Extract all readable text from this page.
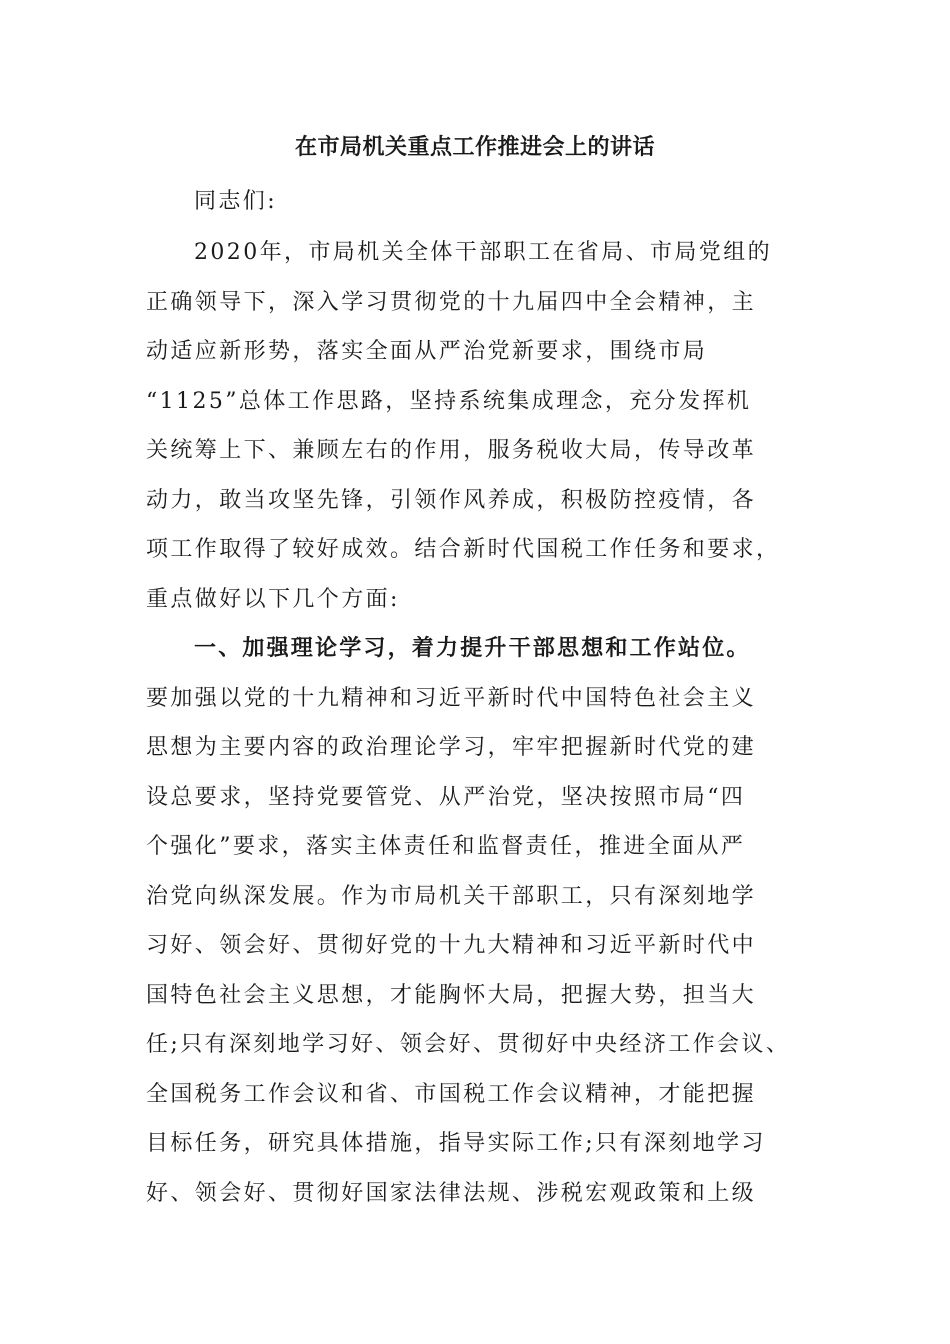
在市局机关重点工作推进会上的讲话
同志们:
2020年，市局机关全体干部职工在省局、市局党组的
正确领导下，深入学习贯彻党的十九届四中全会精神，主
动适应新形势，落实全面从严治党新要求，围绕市局
“1125”总体工作思路，坚持系统集成理念，充分发挥机
关统筹上下、兼顾左右的作用，服务税收大局，传导改革
动力，敢当攻坚先锋，引领作风养成，积极防控疫情，各
项工作取得了较好成效。结合新时代国税工作任务和要求，
重点做好以下几个方面:
一、加强理论学习，着力提升干部思想和工作站位。
要加强以党的十九精神和习近平新时代中国特色社会主义
思想为主要内容的政治理论学习，牢牢把握新时代党的建
设总要求，坚持党要管党、从严治党，坚决按照市局“四
个强化”要求，落实主体责任和监督责任，推进全面从严
治党向纵深发展。作为市局机关干部职工，只有深刻地学
习好、领会好、贯彻好党的十九大精神和习近平新时代中
国特色社会主义思想，才能胸怀大局，把握大势，担当大
任;只有深刻地学习好、领会好、贯彻好中央经济工作会议、
全国税务工作会议和省、市国税工作会议精神，才能把握
目标任务，研究具体措施，指导实际工作;只有深刻地学习
好、领会好、贯彻好国家法律法规、涉税宏观政策和上级
